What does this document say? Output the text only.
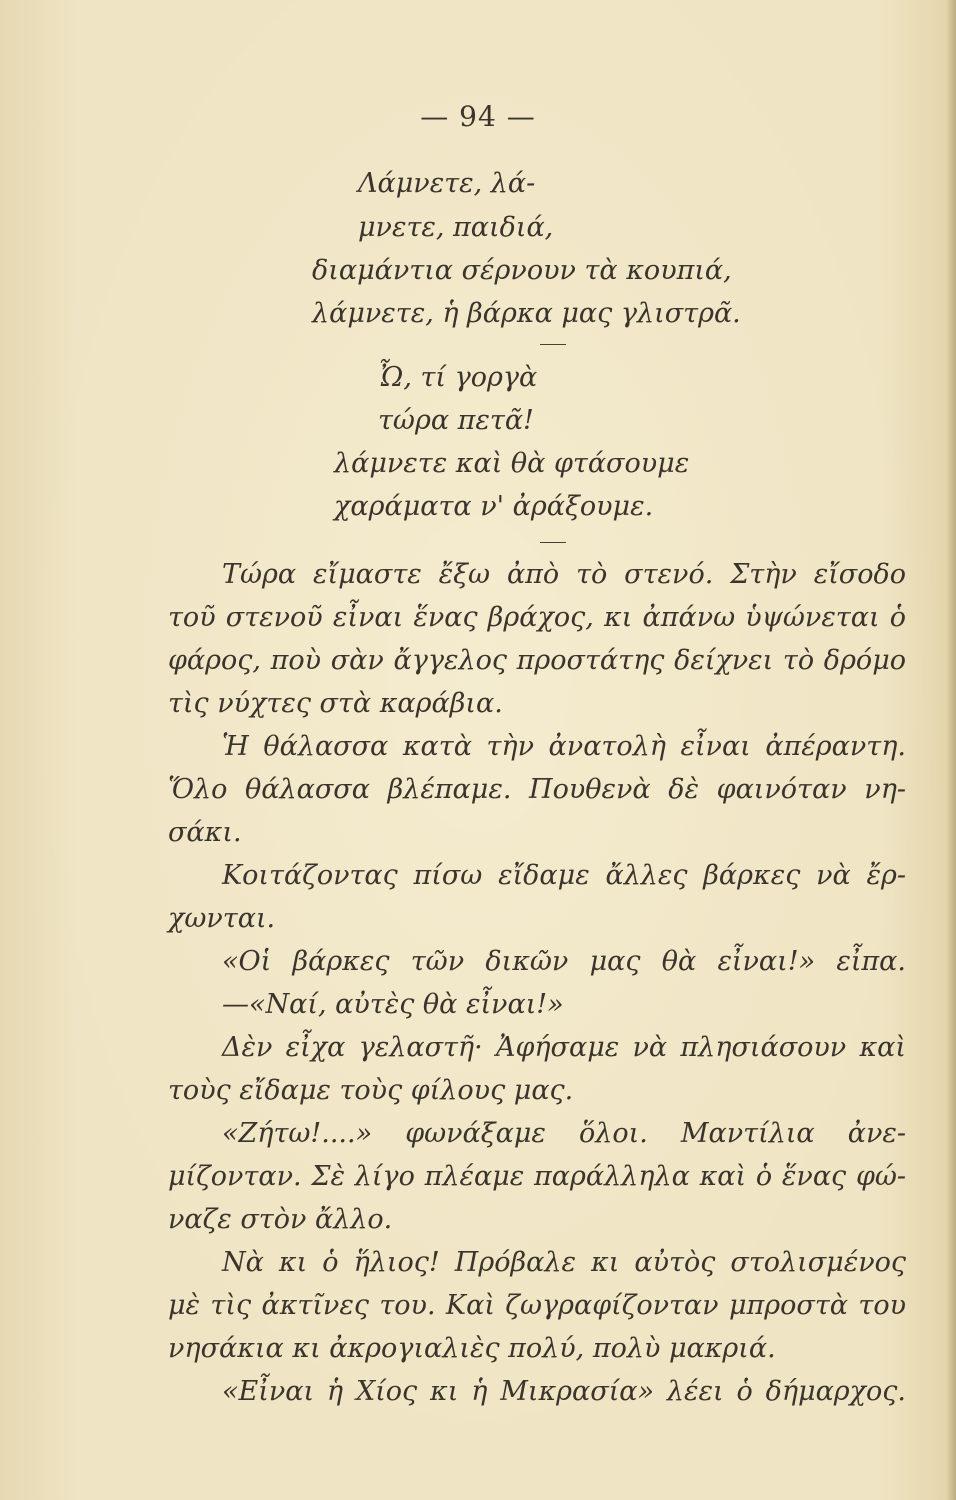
— 94 —
Λάμνετε, λά-
μνετε, παιδιά,
διαμάντια σέρνουν τὰ κουπιά,
λάμνετε, ἡ βάρκα μας γλιστρᾶ.
Ὦ, τί γοργὰ
τώρα πετᾶ!
λάμνετε καὶ θὰ φτάσουμε
χαράματα ν' ἀράξουμε.
Τώρα εἴμαστε ἔξω ἀπὸ τὸ στενό. Στὴν εἴσοδο
τοῦ στενοῦ εἶναι ἕνας βράχος, κι ἀπάνω ὑψώνεται ὁ
φάρος, ποὺ σὰν ἄγγελος προστάτης δείχνει τὸ δρόμο
τὶς νύχτες στὰ καράβια.
Ἡ θάλασσα κατὰ τὴν ἀνατολὴ εἶναι ἀπέραντη.
Ὅλο θάλασσα βλέπαμε. Πουθενὰ δὲ φαινόταν νη-
σάκι.
Κοιτάζοντας πίσω εἴδαμε ἄλλες βάρκες νὰ ἔρ-
χωνται.
«Οἱ βάρκες τῶν δικῶν μας θὰ εἶναι!» εἶπα.
—«Ναί, αὐτὲς θὰ εἶναι!»
Δὲν εἶχα γελαστῆ· Ἀφήσαμε νὰ πλησιάσουν καὶ
τοὺς εἴδαμε τοὺς φίλους μας.
«Ζήτω!....» φωνάξαμε ὅλοι. Μαντίλια ἀνε-
μίζονταν. Σὲ λίγο πλέαμε παράλληλα καὶ ὁ ἕνας φώ-
ναζε στὸν ἄλλο.
Νὰ κι ὁ ἥλιος! Πρόβαλε κι αὐτὸς στολισμένος
μὲ τὶς ἀκτῖνες του. Καὶ ζωγραφίζονταν μπροστὰ του
νησάκια κι ἀκρογιαλιὲς πολύ, πολὺ μακριά.
«Εἶναι ἡ Χίος κι ἡ Μικρασία» λέει ὁ δήμαρχος.
